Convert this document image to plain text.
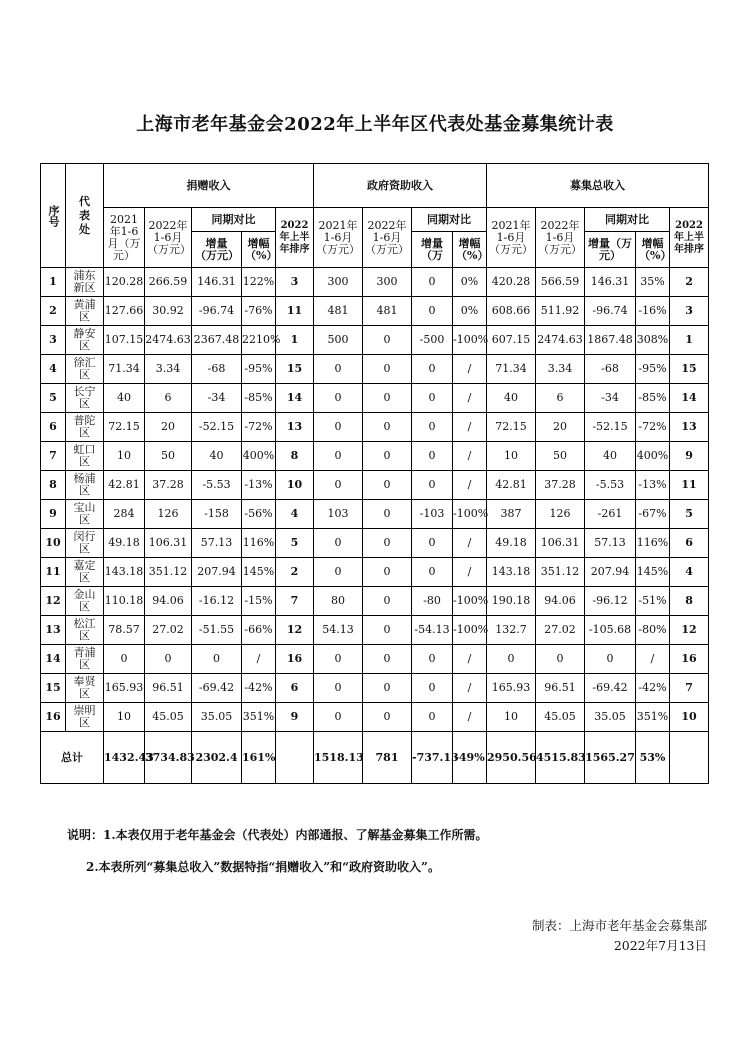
上海市老年基金会2022年上半年区代表处基金募集统计表
序号	代 表 处	捐赠收入					政府资助收入				募集总收入				
		2021年1-6月（万元）	2022年1-6月（万元）	同期对比		2022年上半年排序	2021年1-6月（万元）	2022年1-6月（万元）	同期对比		2021年1-6月（万元）	2022年1-6月（万元）	同期对比		2022年上半年排序
				增量（万元）	增幅（%）				增量（万	增幅（%）			增量（万元）	增幅（%）	
1	浦东新区	120.28	266.59	146.31	122%	3	300	300	0	0%	420.28	566.59	146.31	35%	2
2	黄浦区	127.66	30.92	-96.74	-76%	11	481	481	0	0%	608.66	511.92	-96.74	-16%	3
3	静安区	107.15	2474.63	2367.48	2210%	1	500	0	-500	-100%	607.15	2474.63	1867.48	308%	1
4	徐汇区	71.34	3.34	-68	-95%	15	0	0	0	/	71.34	3.34	-68	-95%	15
5	长宁区	40	6	-34	-85%	14	0	0	0	/	40	6	-34	-85%	14
6	普陀区	72.15	20	-52.15	-72%	13	0	0	0	/	72.15	20	-52.15	-72%	13
7	虹口区	10	50	40	400%	8	0	0	0	/	10	50	40	400%	9
8	杨浦区	42.81	37.28	-5.53	-13%	10	0	0	0	/	42.81	37.28	-5.53	-13%	11
9	宝山区	284	126	-158	-56%	4	103	0	-103	-100%	387	126	-261	-67%	5
10	闵行区	49.18	106.31	57.13	116%	5	0	0	0	/	49.18	106.31	57.13	116%	6
11	嘉定区	143.18	351.12	207.94	145%	2	0	0	0	/	143.18	351.12	207.94	145%	4
12	金山区	110.18	94.06	-16.12	-15%	7	80	0	-80	-100%	190.18	94.06	-96.12	-51%	8
13	松江区	78.57	27.02	-51.55	-66%	12	54.13	0	-54.13	-100%	132.7	27.02	-105.68	-80%	12
14	青浦区	0	0	0	/	16	0	0	0	/	0	0	0	/	16
15	奉贤区	165.93	96.51	-69.42	-42%	6	0	0	0	/	165.93	96.51	-69.42	-42%	7
16	崇明区	10	45.05	35.05	351%	9	0	0	0	/	10	45.05	35.05	351%	10
总计		1432.43	3734.83	2302.4	161%		1518.13	781	-737.13	-49%	2950.56	4515.83	1565.27	53%	
说明：1.本表仅用于老年基金会（代表处）内部通报、了解基金募集工作所需。
2.本表所列“募集总收入”数据特指“捐赠收入”和“政府资助收入”。
制表：上海市老年基金会募集部
2022年7月13日
